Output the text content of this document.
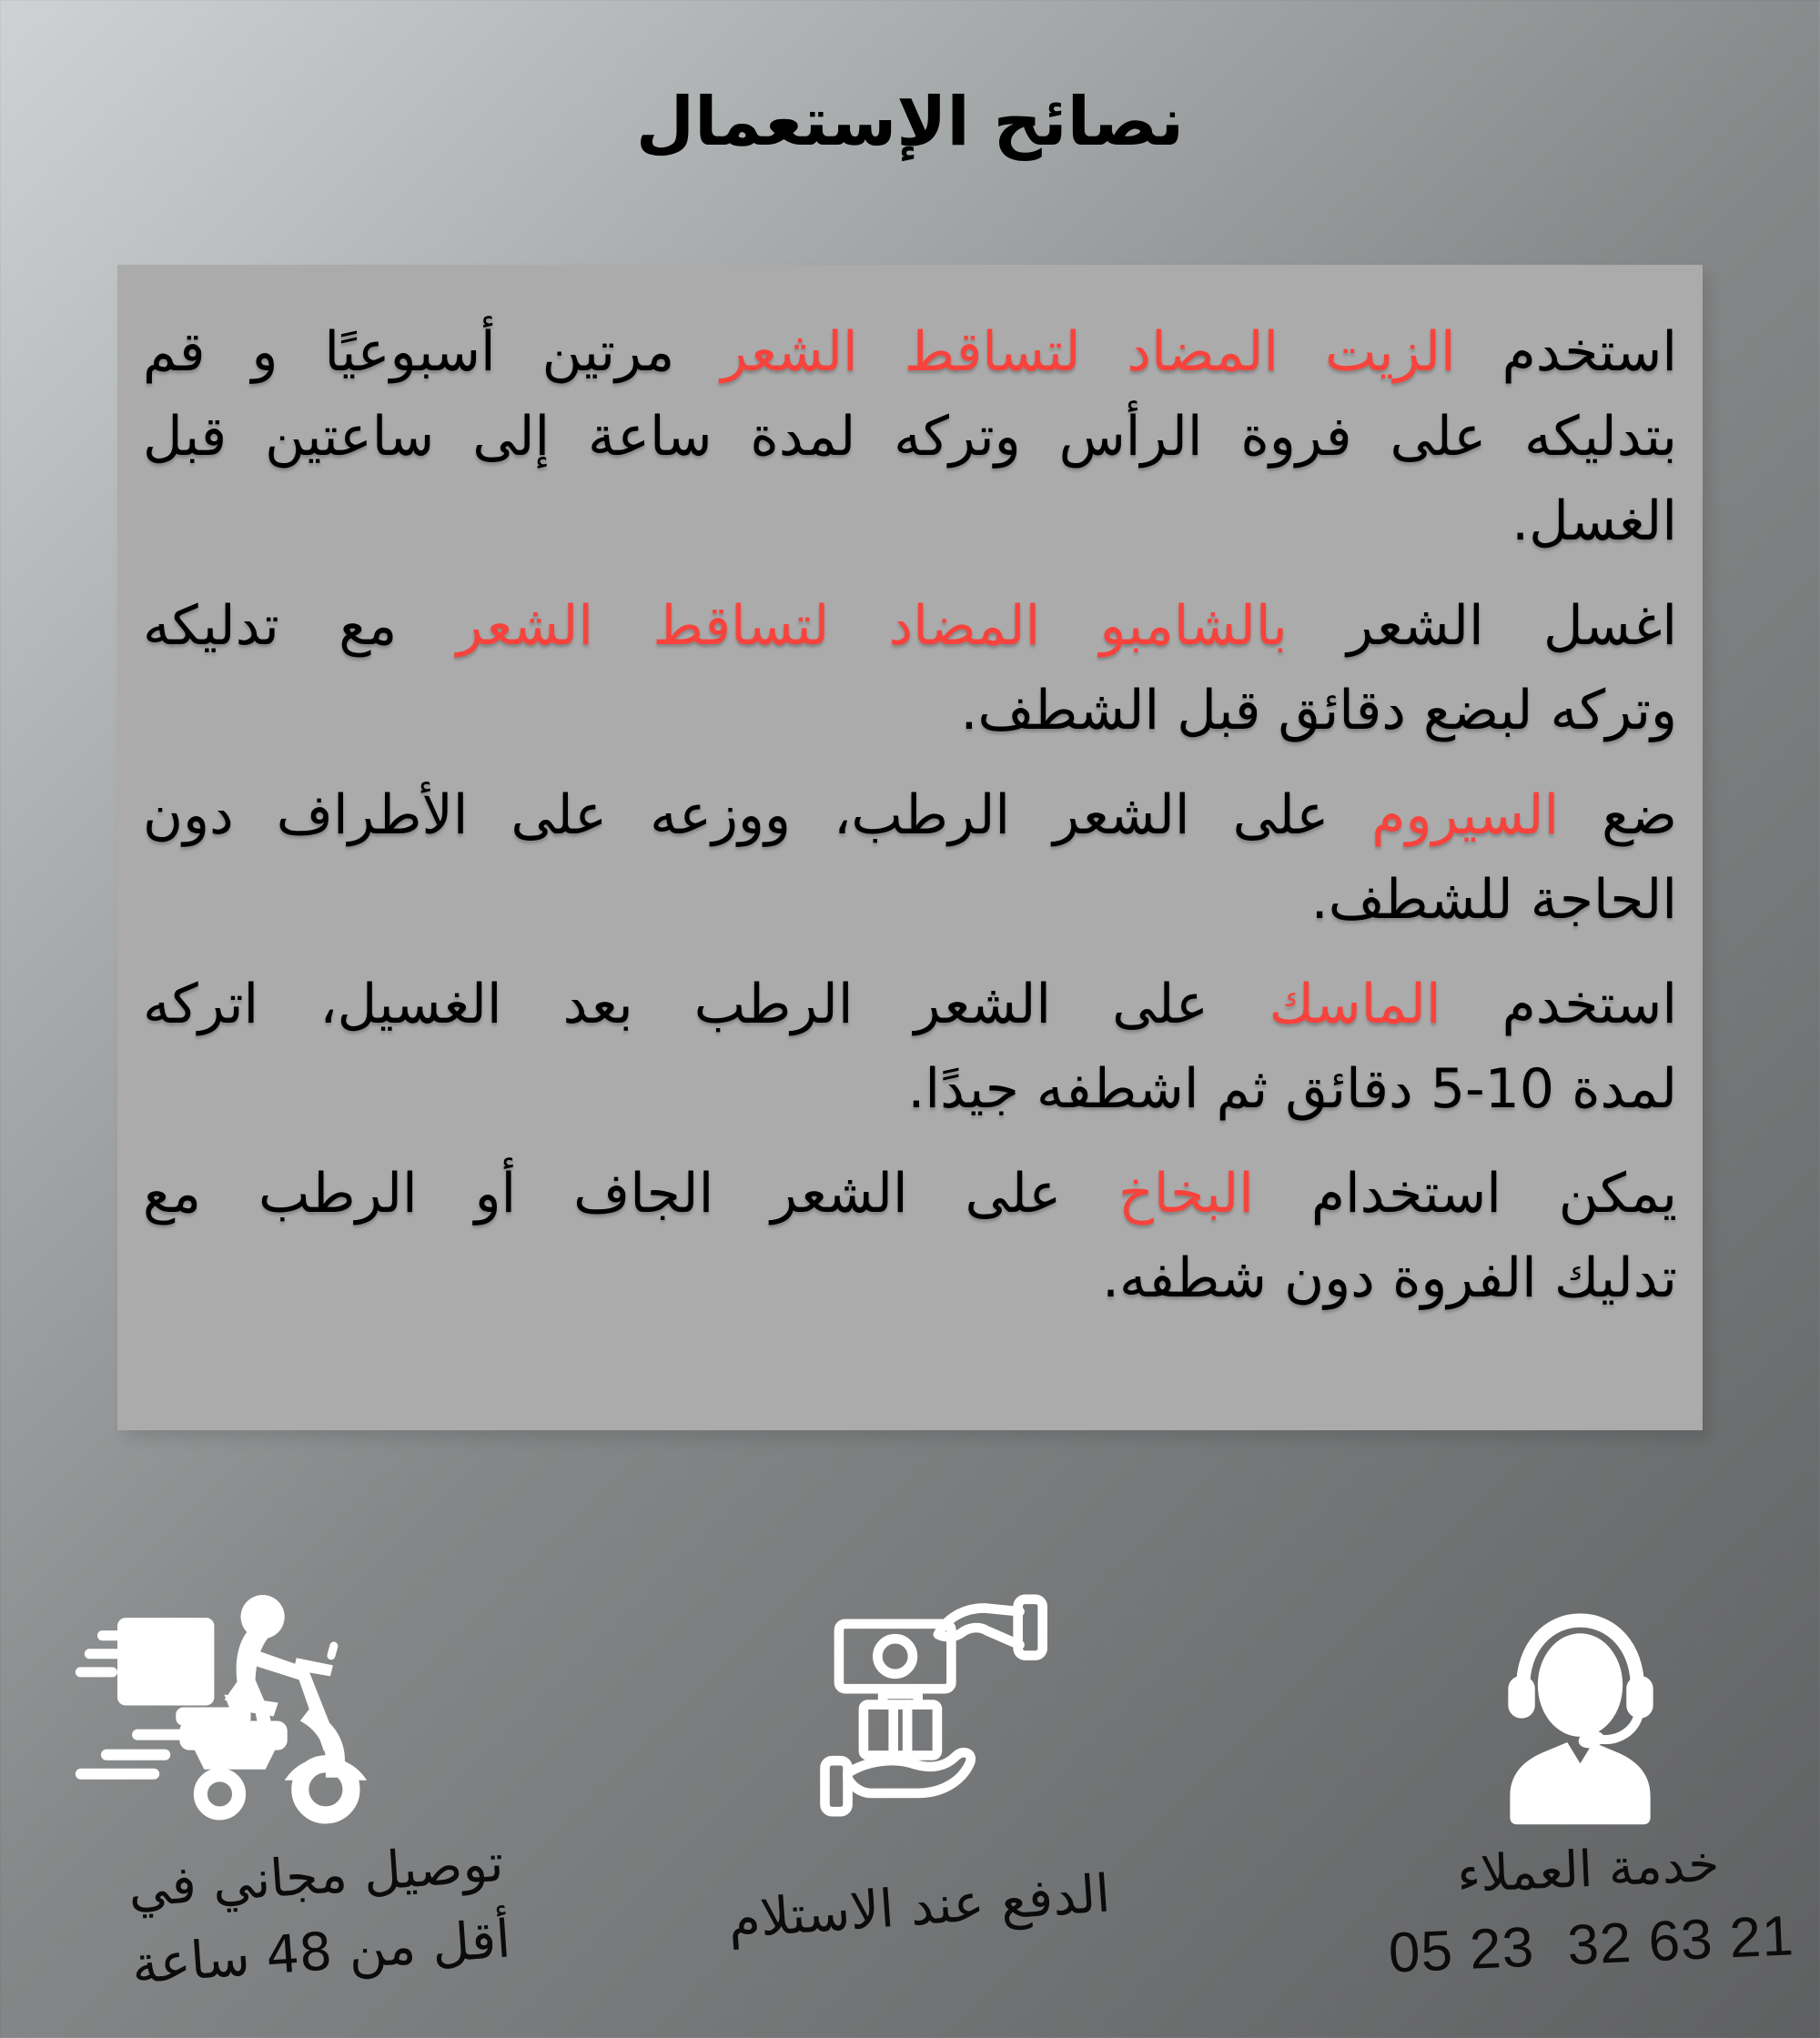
نصائح الإستعمال
استخدم الزيت المضاد لتساقط الشعر مرتين أسبوعيًا و قم
بتدليكه على فروة الرأس وتركه لمدة ساعة إلى ساعتين قبل
الغسل.
اغسل الشعر بالشامبو المضاد لتساقط الشعر مع تدليكه
وتركه لبضع دقائق قبل الشطف.
ضع السيروم على الشعر الرطب، ووزعه على الأطراف دون
الحاجة للشطف.
استخدم الماسك على الشعر الرطب بعد الغسيل، اتركه
لمدة 10-5 دقائق ثم اشطفه جيدًا.
يمكن استخدام البخاخ على الشعر الجاف أو الرطب مع
تدليك الفروة دون شطفه.
توصيل مجاني في
أقل من 48 ساعة	الدفع عند الاستلام	خدمة العملاء
05 23  32 63 21
